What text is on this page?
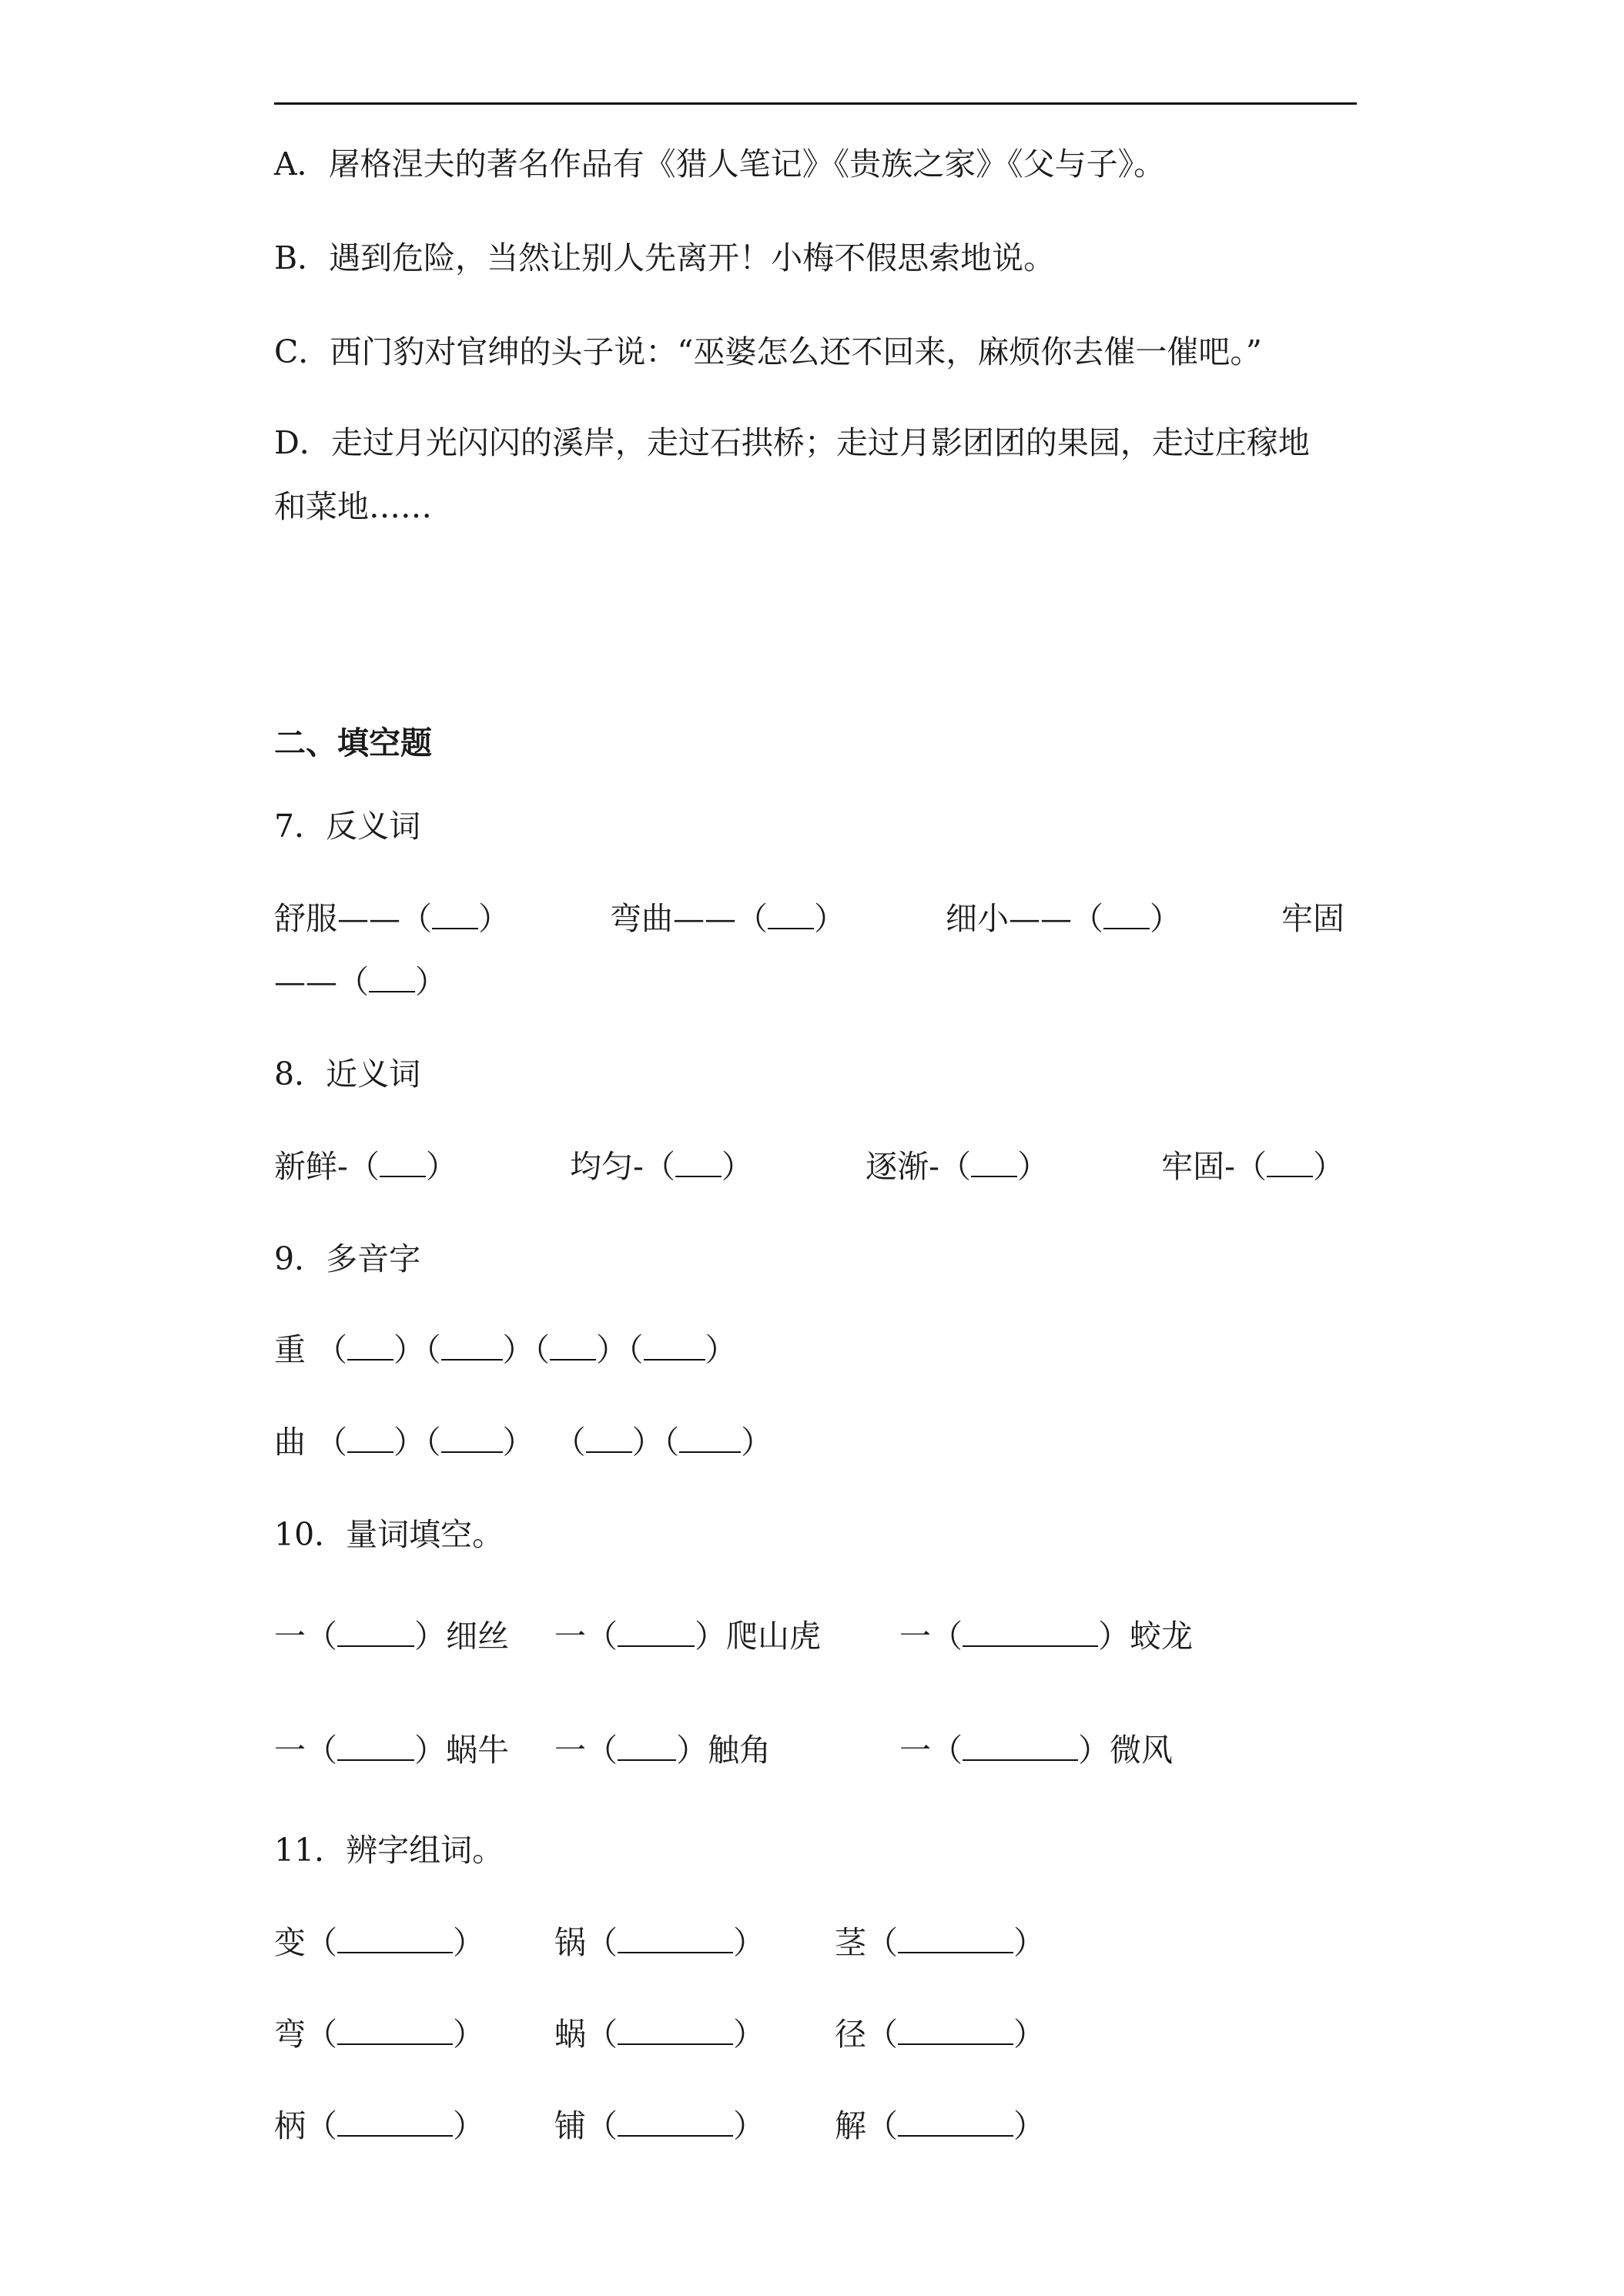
A．屠格涅夫的著名作品有《猎人笔记》《贵族之家》《父与子》。
B．遇到危险，当然让别人先离开！小梅不假思索地说。
C．西门豹对官绅的头子说：“巫婆怎么还不回来，麻烦你去催一催吧。”
D．走过月光闪闪的溪岸，走过石拱桥；走过月影团团的果园，走过庄稼地
和菜地……
二、填空题
7．反义词
舒服——（ ）	弯曲——（ ）	细小——（ ）	牢固
——（ ）
8．近义词
新鲜-（ ）	均匀-（ ）	逐渐-（ ）	牢固-（ ）
9．多音字
重 （ ）（ ）（ ）（ ）
曲 （ ）（ ） （ ）（ ）
10．量词填空。
一（ ）细丝 一（ ）爬山虎 一（	）蛟龙
一（ ）蜗牛 一（ ）触角	一（	）微风
11．辨字组词。
变（	） 锅（	） 茎（	）
弯（	） 蜗（	） 径（	）
柄（	） 铺（	） 解（	）
